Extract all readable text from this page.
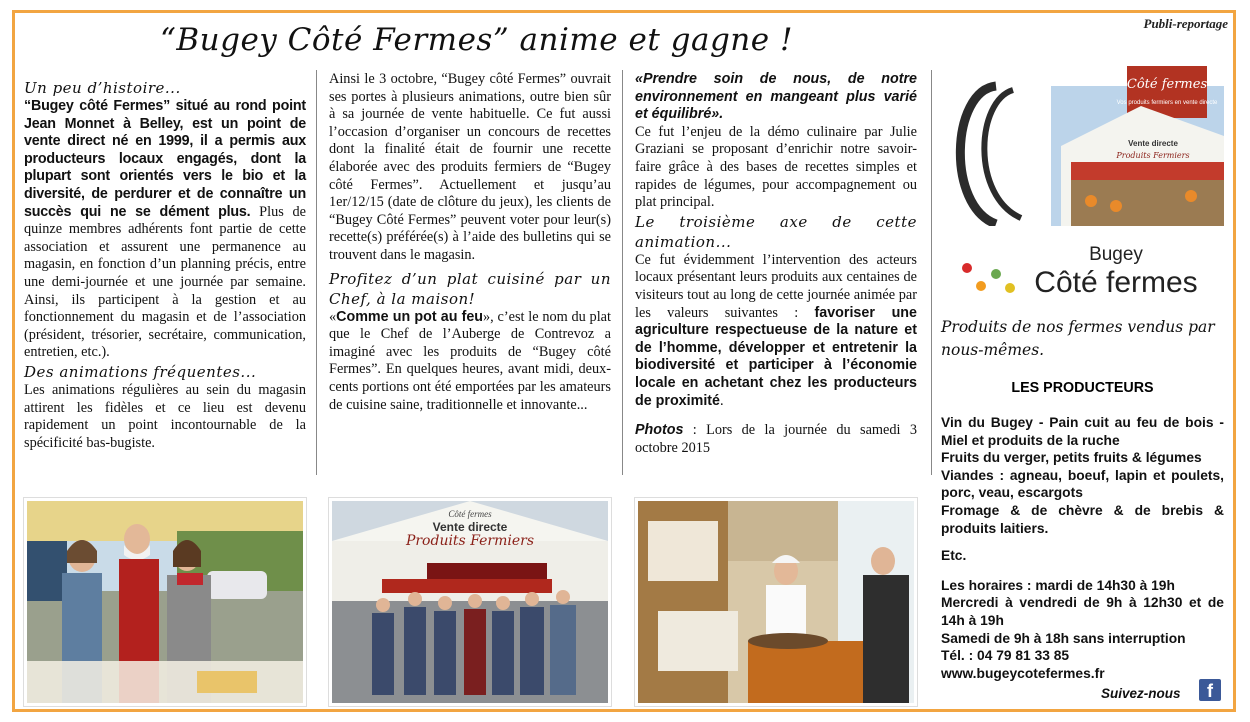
Publi-reportage
“Bugey Côté Fermes” anime et gagne !

Un peu d’histoire...

“Bugey côté Fermes” situé au rond point Jean Monnet à Belley, est un point de vente direct né en 1999, il a permis aux producteurs locaux engagés, dont la plupart sont orientés vers le bio et la diversité, de perdurer et de connaître un succès qui ne se dément plus. Plus de quinze membres adhérents font partie de cette association et assurent une permanence au magasin, en fonction d’un planning précis, entre une demi-journée et une journée par semaine. Ainsi, ils participent à la gestion et au fonctionnement du magasin et de l’association (président, trésorier, secrétaire, communication, entretien, etc.).

Des animations fréquentes...

Les animations régulières au sein du magasin attirent les fidèles et ce lieu est devenu rapidement un point incontournable de la spécificité bas-bugiste.

Ainsi le 3 octobre, “Bugey côté Fermes” ouvrait ses portes à plusieurs animations, outre bien sûr à sa journée de vente habituelle. Ce fut aussi l’occasion d’organiser un concours de recettes dont la finalité était de fournir une recette élaborée avec des produits fermiers de “Bugey côté Fermes”. Actuellement et jusqu’au 1er/12/15 (date de clôture du jeux), les clients de “Bugey Côté Fermes” peuvent voter pour leur(s) recette(s) préférée(s) à l’aide des bulletins qui se trouvent dans le magasin.

Profitez d’un plat cuisiné par un Chef, à la maison!

«Comme un pot au feu», c’est le nom du plat que le Chef de l’Auberge de Contrevoz a imaginé avec les produits de “Bugey côté Fermes”. En quelques heures, avant midi, deux-cents portions ont été emportées par les amateurs de cuisine saine, traditionnelle et innovante...

«Prendre soin de nous, de notre environnement en mangeant plus varié et équilibré».

Ce fut l’enjeu de la démo culinaire par Julie Graziani se proposant d’enrichir notre savoir-faire grâce à des bases de recettes simples et rapides de légumes, pour accompagnement ou plat principal.

Le troisième axe de cette animation...

Ce fut évidemment l’intervention des acteurs locaux présentant leurs produits aux centaines de visiteurs tout au long de cette journée animée par les valeurs suivantes : favoriser une agriculture respectueuse de la nature et de l’homme, développer et entretenir la biodiversité et participer à l’économie locale en achetant chez les producteurs de proximité.

Photos : Lors de la journée du samedi 3 octobre 2015

Côté fermes
Vente directe
Produits Fermiers
Côté fermes
Vos produits fermiers en vente directe
Vente directe
Produits Fermiers
Bugey
Côté fermes
Produits de nos fermes vendus par nous-mêmes.
LES PRODUCTEURS

Vin du Bugey - Pain cuit au feu de bois - Miel et produits de la ruche

Fruits du verger, petits fruits & légumes

Viandes : agneau, boeuf, lapin et poulets, porc, veau, escargots

Fromage & de chèvre & de brebis & produits laitiers.

Etc.

Les horaires : mardi de 14h30 à 19h

Mercredi à vendredi de 9h à 12h30 et de 14h à 19h

Samedi de 9h à 18h sans interruption

Tél. : 04 79 81 33 85

www.bugeycotefermes.fr

Suivez-nous	f
